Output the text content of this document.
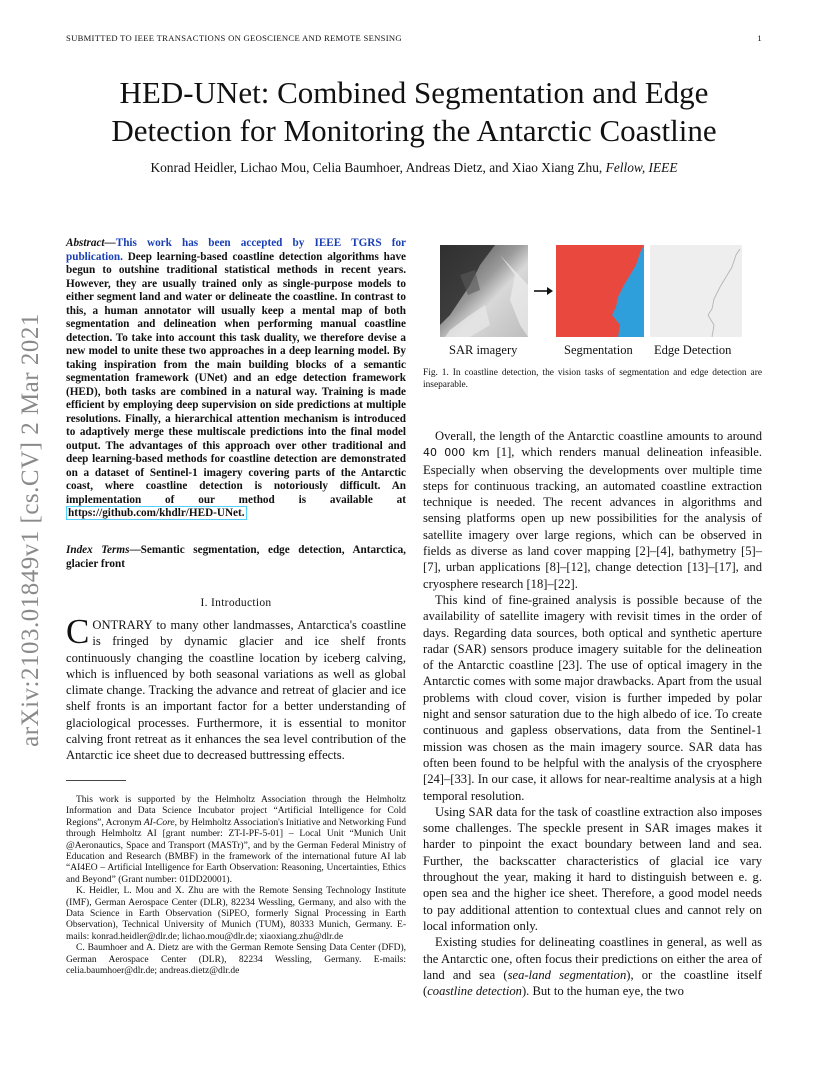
SUBMITTED TO IEEE TRANSACTIONS ON GEOSCIENCE AND REMOTE SENSING	1
HED-UNet: Combined Segmentation and Edge
Detection for Monitoring the Antarctic Coastline
Konrad Heidler, Lichao Mou, Celia Baumhoer, Andreas Dietz, and Xiao Xiang Zhu, Fellow, IEEE
arXiv:2103.01849v1 [cs.CV] 2 Mar 2021
Abstract—This work has been accepted by IEEE TGRS for publication. Deep learning-based coastline detection algorithms have begun to outshine traditional statistical methods in recent years. However, they are usually trained only as single-purpose models to either segment land and water or delineate the coastline. In contrast to this, a human annotator will usually keep a mental map of both segmentation and delineation when performing manual coastline detection. To take into account this task duality, we therefore devise a new model to unite these two approaches in a deep learning model. By taking inspiration from the main building blocks of a semantic segmentation framework (UNet) and an edge detection framework (HED), both tasks are combined in a natural way. Training is made efficient by employing deep supervision on side predictions at multiple resolutions. Finally, a hierarchical attention mechanism is introduced to adaptively merge these multiscale predictions into the final model output. The advantages of this approach over other traditional and deep learning-based methods for coastline detection are demonstrated on a dataset of Sentinel-1 imagery covering parts of the Antarctic coast, where coastline detection is notoriously difficult. An implementation of our method is available at https://github.com/khdlr/HED-UNet.
Index Terms—Semantic segmentation, edge detection, Antarctica, glacier front
I. Introduction
CONTRARY to many other landmasses, Antarctica's coastline is fringed by dynamic glacier and ice shelf fronts continuously changing the coastline location by iceberg calving, which is influenced by both seasonal variations as well as global climate change. Tracking the advance and retreat of glacier and ice shelf fronts is an important factor for a better understanding of glaciological processes. Furthermore, it is essential to monitor calving front retreat as it enhances the sea level contribution of the Antarctic ice sheet due to decreased buttressing effects.

This work is supported by the Helmholtz Association through the Helmholtz Information and Data Science Incubator project “Artificial Intelligence for Cold Regions”, Acronym AI-Core, by Helmholtz Association's Initiative and Networking Fund through Helmholtz AI [grant number: ZT-I-PF-5-01] – Local Unit “Munich Unit @Aeronautics, Space and Transport (MASTr)”, and by the German Federal Ministry of Education and Research (BMBF) in the framework of the international future AI lab “AI4EO – Artificial Intelligence for Earth Observation: Reasoning, Uncertainties, Ethics and Beyond” (Grant number: 01DD20001).

K. Heidler, L. Mou and X. Zhu are with the Remote Sensing Technology Institute (IMF), German Aerospace Center (DLR), 82234 Wessling, Germany, and also with the Data Science in Earth Observation (SiPEO, formerly Signal Processing in Earth Observation), Technical University of Munich (TUM), 80333 Munich, Germany. E-mails: konrad.heidler@dlr.de; lichao.mou@dlr.de; xiaoxiang.zhu@dlr.de

C. Baumhoer and A. Dietz are with the German Remote Sensing Data Center (DFD), German Aerospace Center (DLR), 82234 Wessling, Germany. E-mails: celia.baumhoer@dlr.de; andreas.dietz@dlr.de

SAR imagery	Segmentation Edge Detection
Fig. 1. In coastline detection, the vision tasks of segmentation and edge detection are inseparable.

Overall, the length of the Antarctic coastline amounts to around 40 000 km [1], which renders manual delineation infeasible. Especially when observing the developments over multiple time steps for continuous tracking, an automated coastline extraction technique is needed. The recent advances in algorithms and sensing platforms open up new possibilities for the analysis of satellite imagery over large regions, which can be observed in fields as diverse as land cover mapping [2]–[4], bathymetry [5]–[7], urban applications [8]–[12], change detection [13]–[17], and cryosphere research [18]–[22].

This kind of fine-grained analysis is possible because of the availability of satellite imagery with revisit times in the order of days. Regarding data sources, both optical and synthetic aperture radar (SAR) sensors produce imagery suitable for the delineation of the Antarctic coastline [23]. The use of optical imagery in the Antarctic comes with some major drawbacks. Apart from the usual problems with cloud cover, vision is further impeded by polar night and sensor saturation due to the high albedo of ice. To create continuous and gapless observations, data from the Sentinel-1 mission was chosen as the main imagery source. SAR data has often been found to be helpful with the analysis of the cryosphere [24]–[33]. In our case, it allows for near-realtime analysis at a high temporal resolution.

Using SAR data for the task of coastline extraction also imposes some challenges. The speckle present in SAR images makes it harder to pinpoint the exact boundary between land and sea. Further, the backscatter characteristics of glacial ice vary throughout the year, making it hard to distinguish between e. g. open sea and the higher ice sheet. Therefore, a good model needs to pay additional attention to contextual clues and cannot rely on local information only.

Existing studies for delineating coastlines in general, as well as the Antarctic one, often focus their predictions on either the area of land and sea (sea-land segmentation), or the coastline itself (coastline detection). But to the human eye, the two
